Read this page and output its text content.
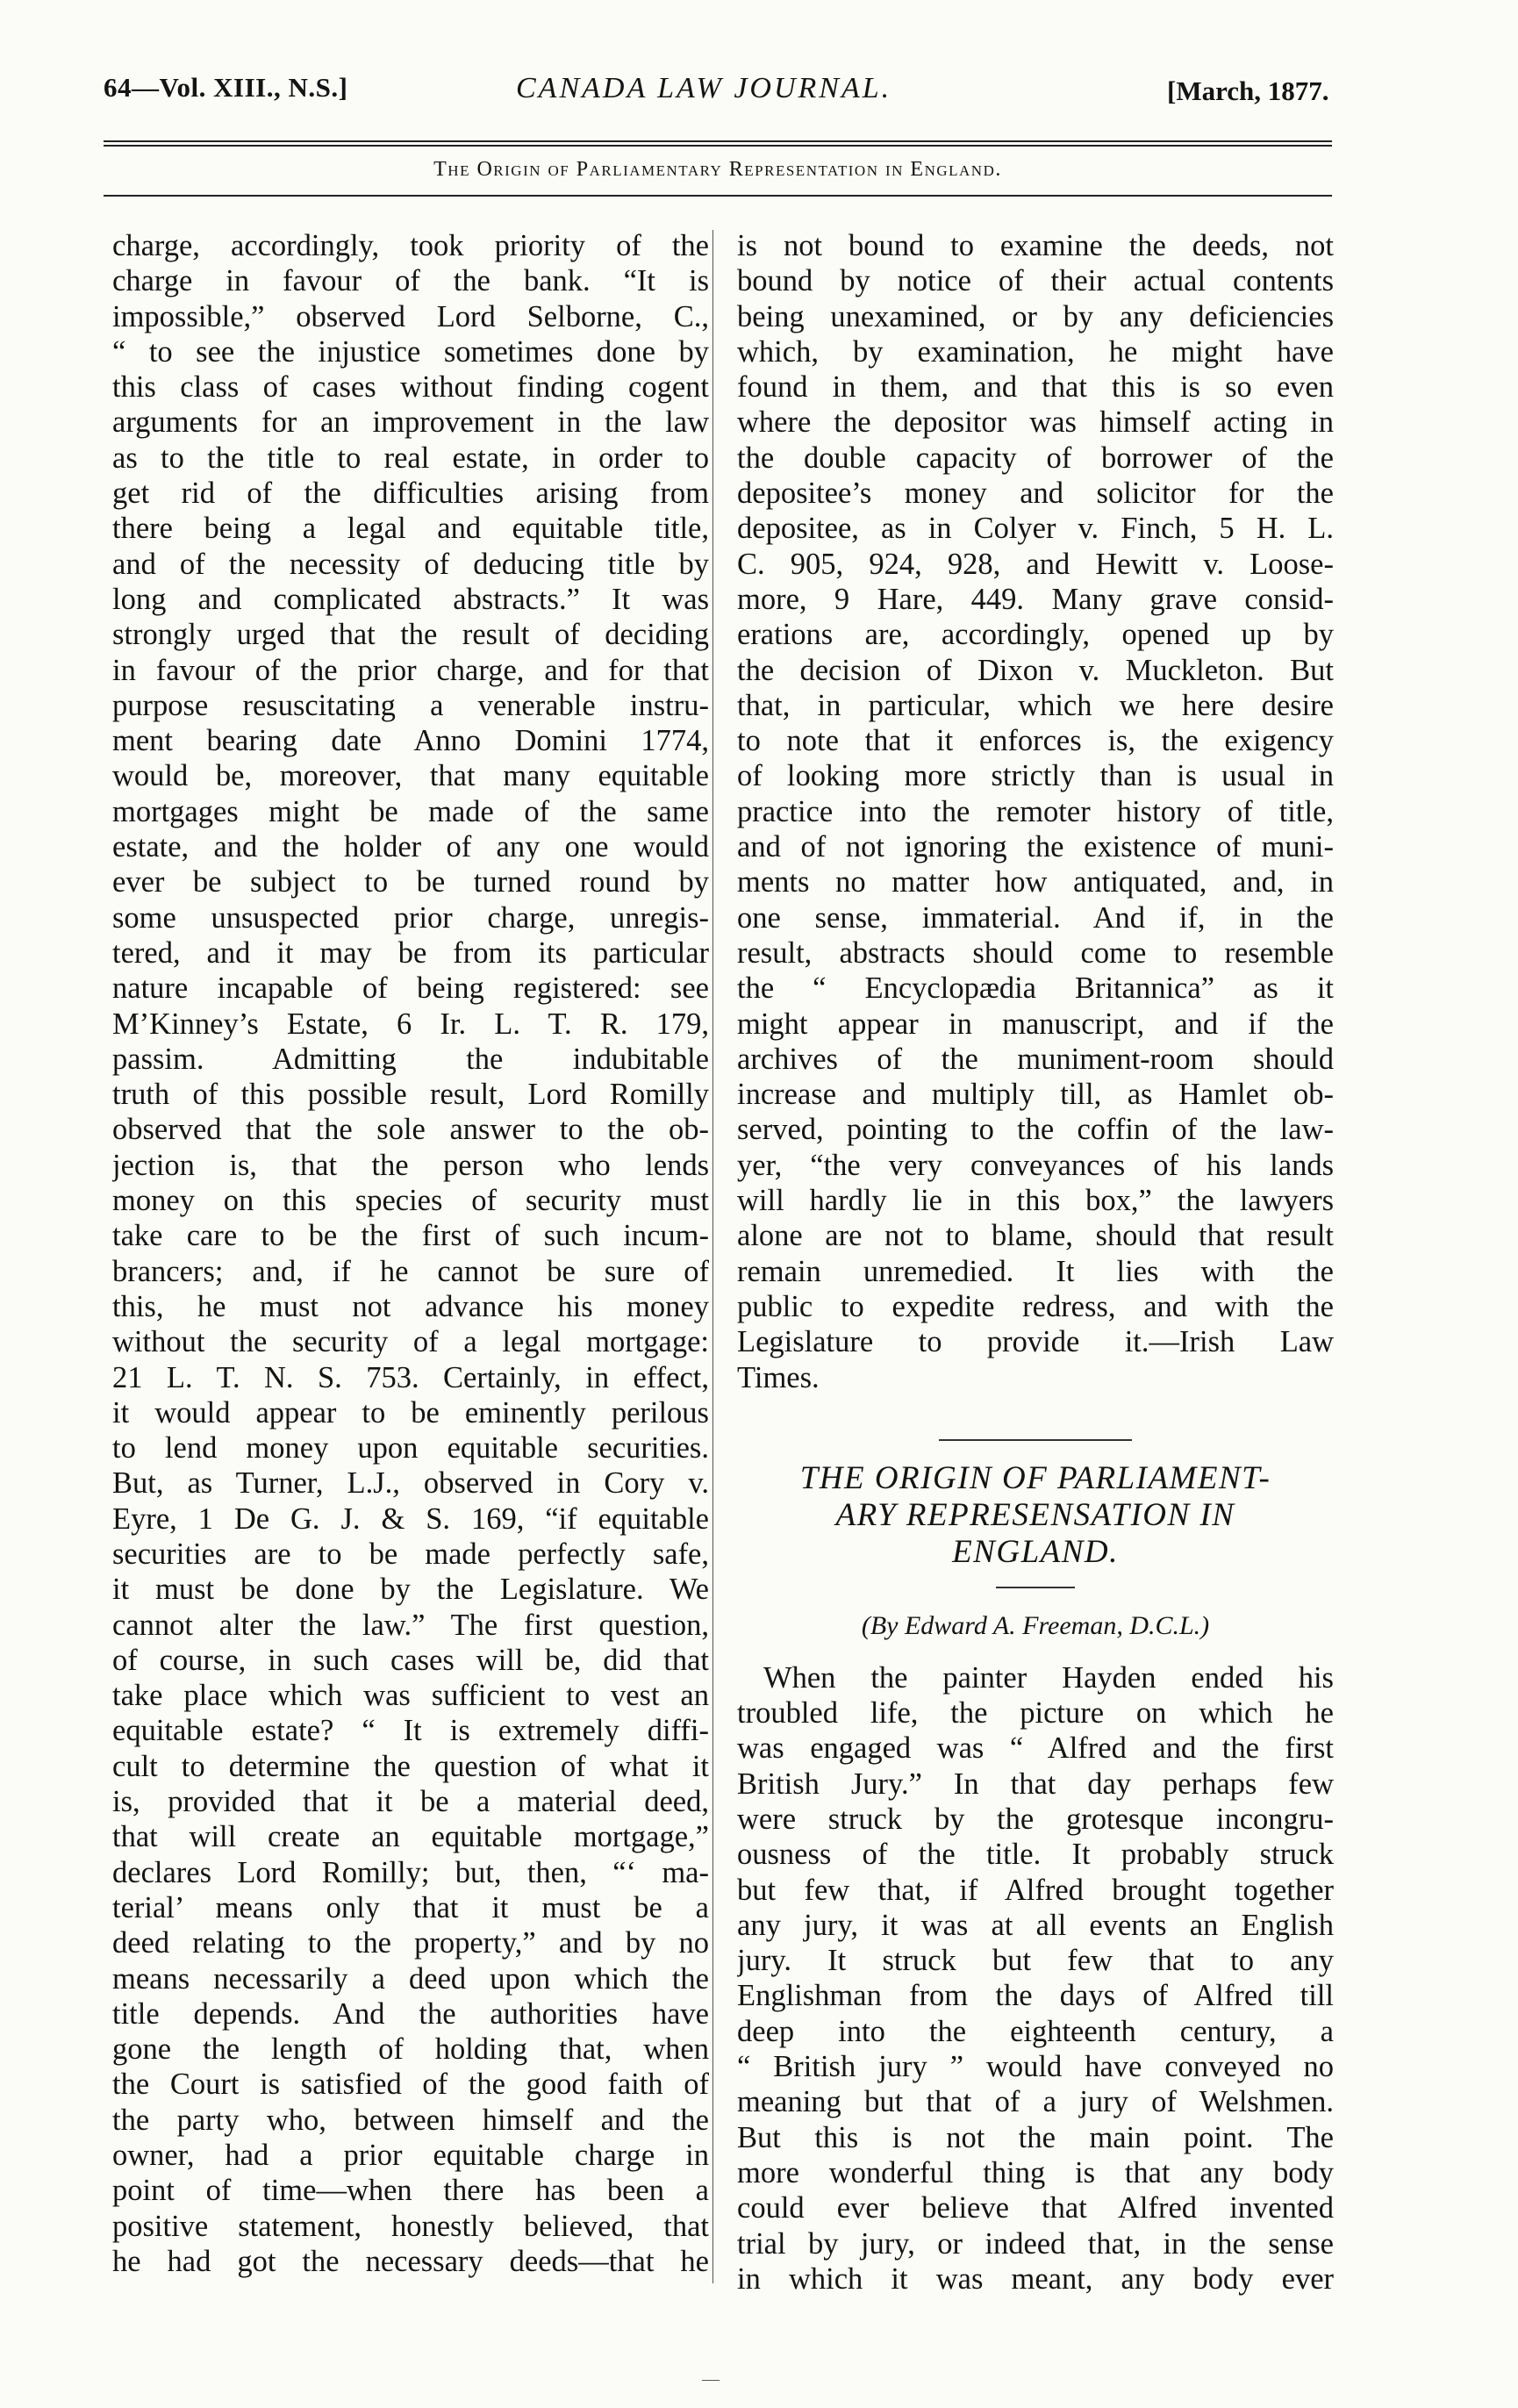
64—Vol. XIII., N.S.]	CANADA LAW JOURNAL.	[March, 1877.
The Origin of Parliamentary Representation in England.
charge, accordingly, took priority of the
charge in favour of the bank. “It is
impossible,” observed Lord Selborne, C.,
“ to see the injustice sometimes done by
this class of cases without finding cogent
arguments for an improvement in the law
as to the title to real estate, in order to
get rid of the difficulties arising from
there being a legal and equitable title,
and of the necessity of deducing title by
long and complicated abstracts.” It was
strongly urged that the result of deciding
in favour of the prior charge, and for that
purpose resuscitating a venerable instru-
ment bearing date Anno Domini 1774,
would be, moreover, that many equitable
mortgages might be made of the same
estate, and the holder of any one would
ever be subject to be turned round by
some unsuspected prior charge, unregis-
tered, and it may be from its particular
nature incapable of being registered: see
M’Kinney’s Estate, 6 Ir. L. T. R. 179,
passim. Admitting the indubitable
truth of this possible result, Lord Romilly
observed that the sole answer to the ob-
jection is, that the person who lends
money on this species of security must
take care to be the first of such incum-
brancers; and, if he cannot be sure of
this, he must not advance his money
without the security of a legal mortgage:
21 L. T. N. S. 753. Certainly, in effect,
it would appear to be eminently perilous
to lend money upon equitable securities.
But, as Turner, L.J., observed in Cory v.
Eyre, 1 De G. J. & S. 169, “if equitable
securities are to be made perfectly safe,
it must be done by the Legislature. We
cannot alter the law.” The first question,
of course, in such cases will be, did that
take place which was sufficient to vest an
equitable estate? “ It is extremely diffi-
cult to determine the question of what it
is, provided that it be a material deed,
that will create an equitable mortgage,”
declares Lord Romilly; but, then, “‘ ma-
terial’ means only that it must be a
deed relating to the property,” and by no
means necessarily a deed upon which the
title depends. And the authorities have
gone the length of holding that, when
the Court is satisfied of the good faith of
the party who, between himself and the
owner, had a prior equitable charge in
point of time—when there has been a
positive statement, honestly believed, that
he had got the necessary deeds—that he
is not bound to examine the deeds, not
bound by notice of their actual contents
being unexamined, or by any deficiencies
which, by examination, he might have
found in them, and that this is so even
where the depositor was himself acting in
the double capacity of borrower of the
depositee’s money and solicitor for the
depositee, as in Colyer v. Finch, 5 H. L.
C. 905, 924, 928, and Hewitt v. Loose-
more, 9 Hare, 449. Many grave consid-
erations are, accordingly, opened up by
the decision of Dixon v. Muckleton. But
that, in particular, which we here desire
to note that it enforces is, the exigency
of looking more strictly than is usual in
practice into the remoter history of title,
and of not ignoring the existence of muni-
ments no matter how antiquated, and, in
one sense, immaterial. And if, in the
result, abstracts should come to resemble
the “ Encyclopædia Britannica” as it
might appear in manuscript, and if the
archives of the muniment-room should
increase and multiply till, as Hamlet ob-
served, pointing to the coffin of the law-
yer, “the very conveyances of his lands
will hardly lie in this box,” the lawyers
alone are not to blame, should that result
remain unremedied. It lies with the
public to expedite redress, and with the
Legislature to provide it.—Irish Law
Times.
THE ORIGIN OF PARLIAMENT-
ARY REPRESENSATION IN
ENGLAND.
(By Edward A. Freeman, D.C.L.)
When the painter Hayden ended his
troubled life, the picture on which he
was engaged was “ Alfred and the first
British Jury.” In that day perhaps few
were struck by the grotesque incongru-
ousness of the title. It probably struck
but few that, if Alfred brought together
any jury, it was at all events an English
jury. It struck but few that to any
Englishman from the days of Alfred till
deep into the eighteenth century, a
“ British jury ” would have conveyed no
meaning but that of a jury of Welshmen.
But this is not the main point. The
more wonderful thing is that any body
could ever believe that Alfred invented
trial by jury, or indeed that, in the sense
in which it was meant, any body ever
—
